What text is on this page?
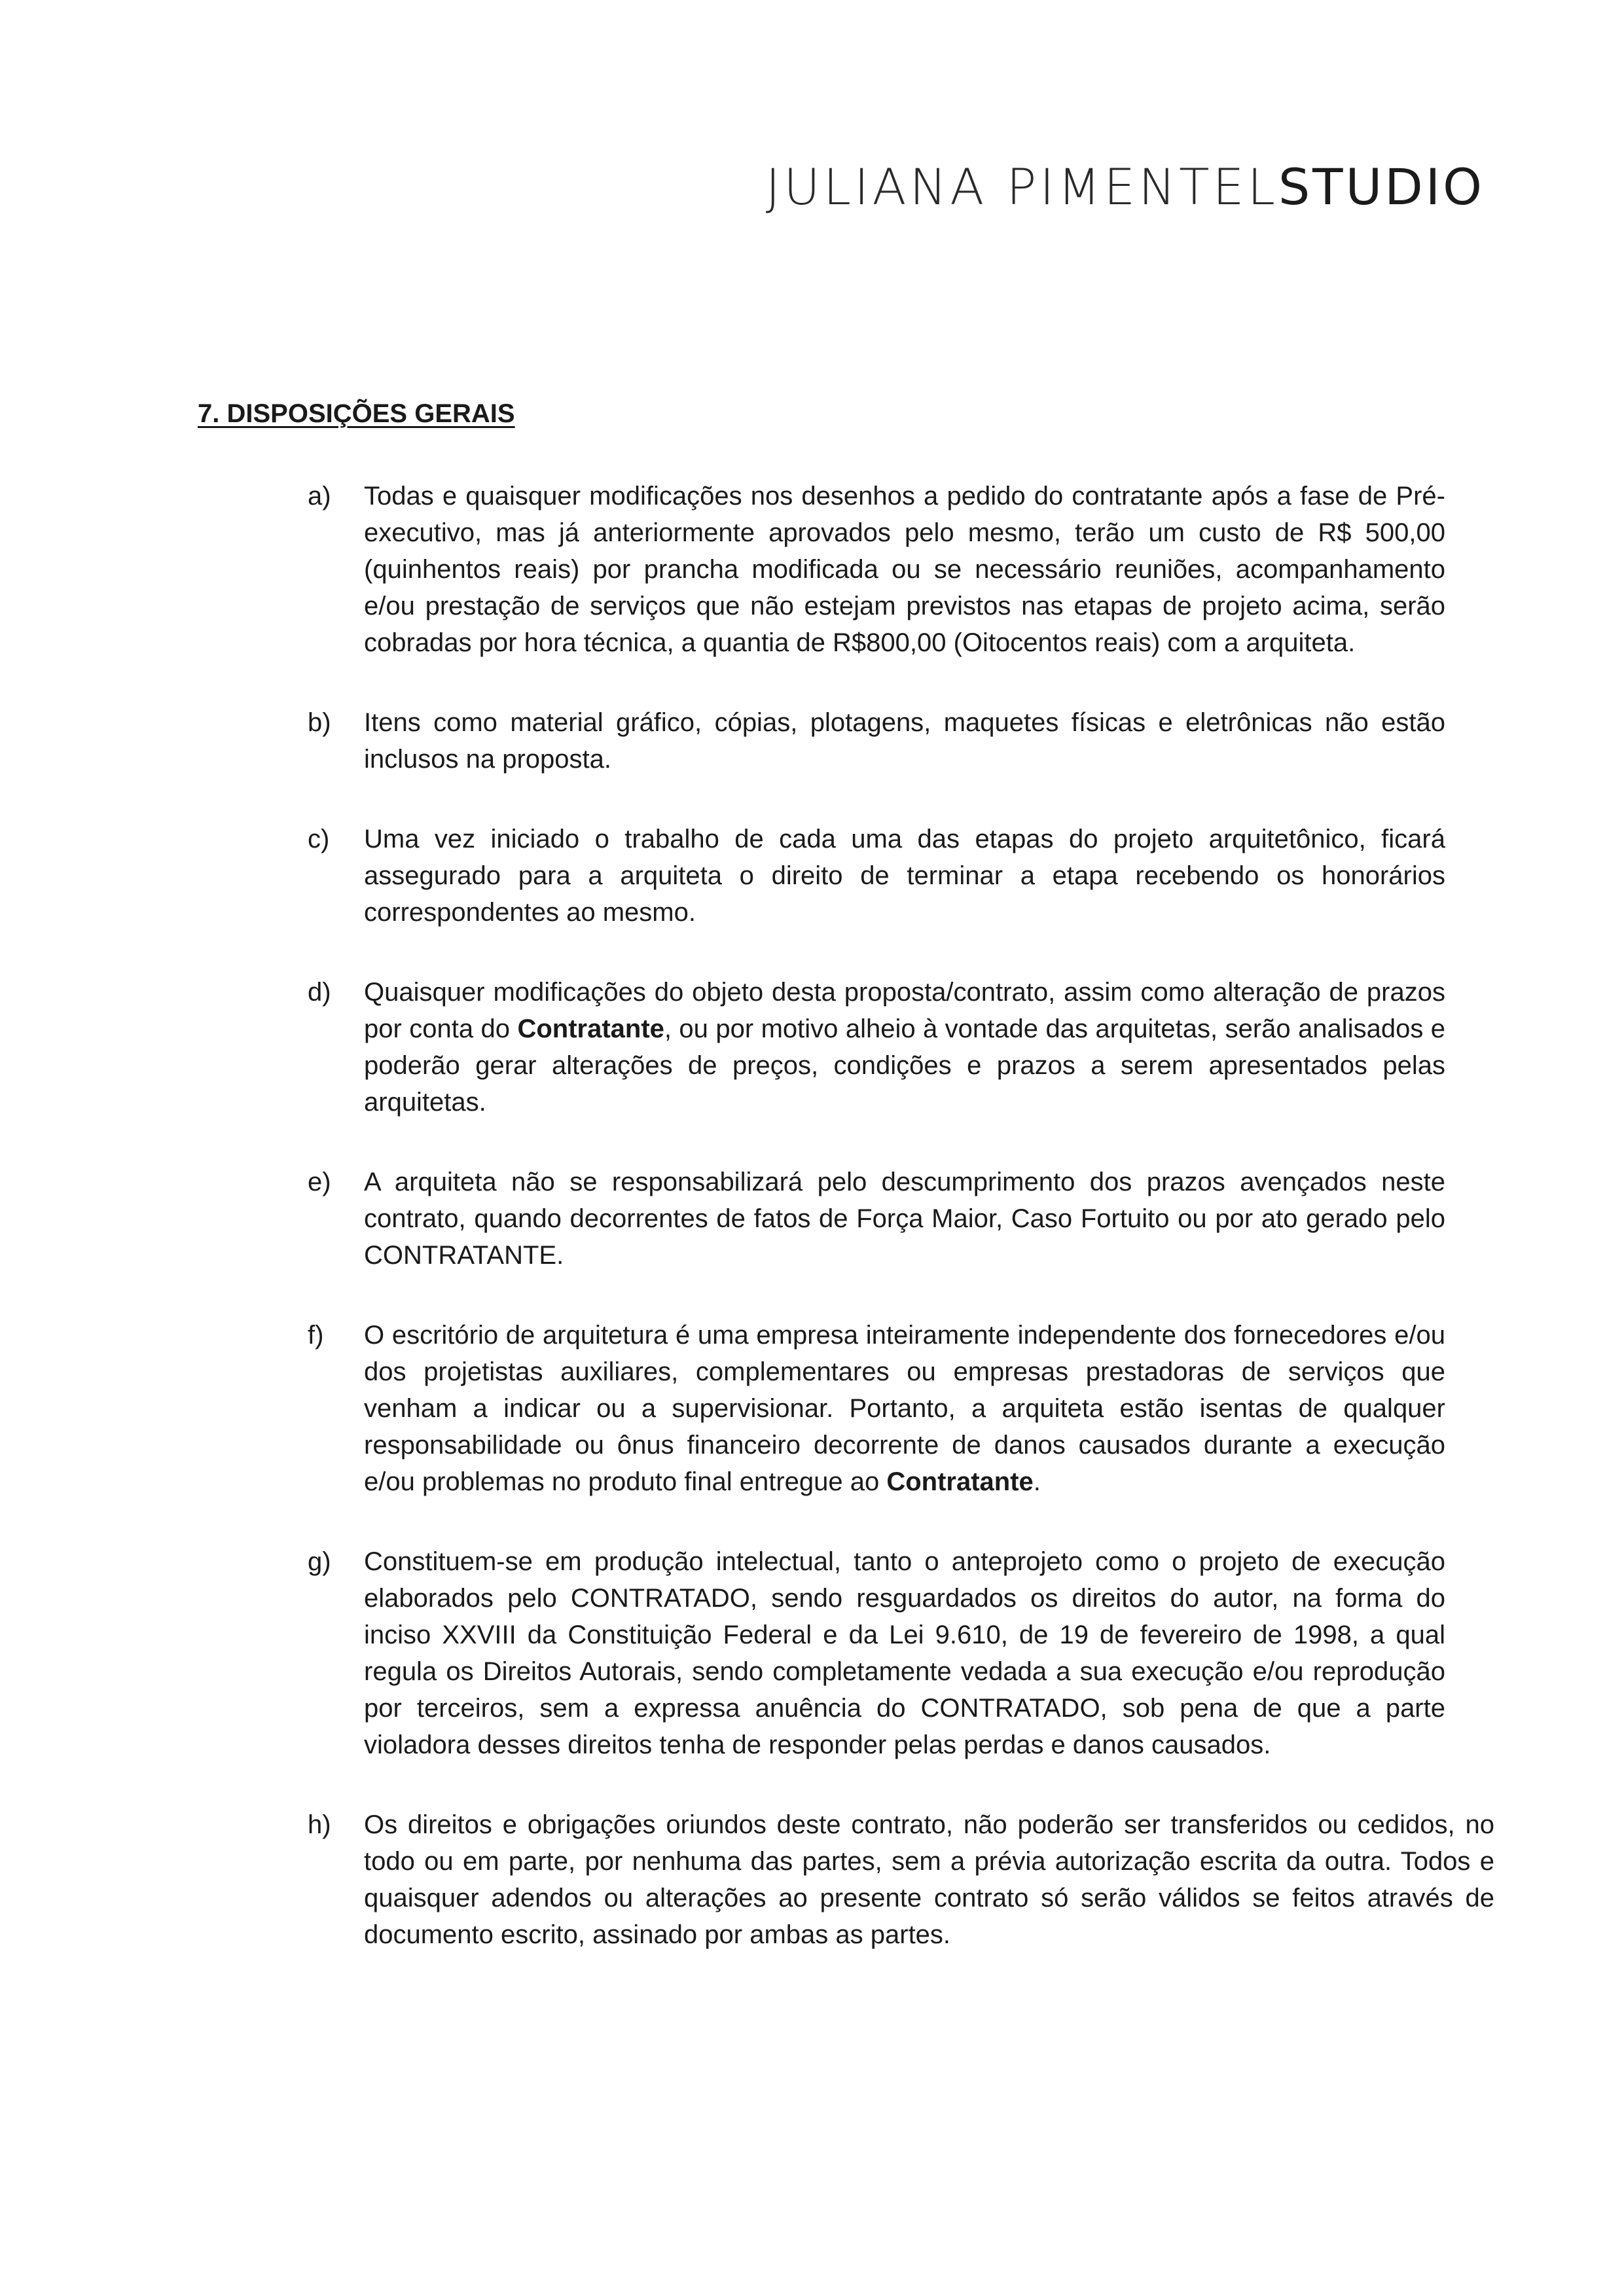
JULIANA PIMENTELSTUDIO
7. DISPOSIÇÕES GERAIS
a) Todas e quaisquer modificações nos desenhos a pedido do contratante após a fase de Pré-executivo, mas já anteriormente aprovados pelo mesmo, terão um custo de R$ 500,00 (quinhentos reais) por prancha modificada ou se necessário reuniões, acompanhamento e/ou prestação de serviços que não estejam previstos nas etapas de projeto acima, serão cobradas por hora técnica, a quantia de R$800,00 (Oitocentos reais) com a arquiteta.
b) Itens como material gráfico, cópias, plotagens, maquetes físicas e eletrônicas não estão inclusos na proposta.
c) Uma vez iniciado o trabalho de cada uma das etapas do projeto arquitetônico, ficará assegurado para a arquiteta o direito de terminar a etapa recebendo os honorários correspondentes ao mesmo.
d) Quaisquer modificações do objeto desta proposta/contrato, assim como alteração de prazos por conta do Contratante, ou por motivo alheio à vontade das arquitetas, serão analisados e poderão gerar alterações de preços, condições e prazos a serem apresentados pelas arquitetas.
e) A arquiteta não se responsabilizará pelo descumprimento dos prazos avençados neste contrato, quando decorrentes de fatos de Força Maior, Caso Fortuito ou por ato gerado pelo CONTRATANTE.
f) O escritório de arquitetura é uma empresa inteiramente independente dos fornecedores e/ou dos projetistas auxiliares, complementares ou empresas prestadoras de serviços que venham a indicar ou a supervisionar. Portanto, a arquiteta estão isentas de qualquer responsabilidade ou ônus financeiro decorrente de danos causados durante a execução e/ou problemas no produto final entregue ao Contratante.
g) Constituem-se em produção intelectual, tanto o anteprojeto como o projeto de execução elaborados pelo CONTRATADO, sendo resguardados os direitos do autor, na forma do inciso XXVIII da Constituição Federal e da Lei 9.610, de 19 de fevereiro de 1998, a qual regula os Direitos Autorais, sendo completamente vedada a sua execução e/ou reprodução por terceiros, sem a expressa anuência do CONTRATADO, sob pena de que a parte violadora desses direitos tenha de responder pelas perdas e danos causados.
h) Os direitos e obrigações oriundos deste contrato, não poderão ser transferidos ou cedidos, no todo ou em parte, por nenhuma das partes, sem a prévia autorização escrita da outra. Todos e quaisquer adendos ou alterações ao presente contrato só serão válidos se feitos através de documento escrito, assinado por ambas as partes.
